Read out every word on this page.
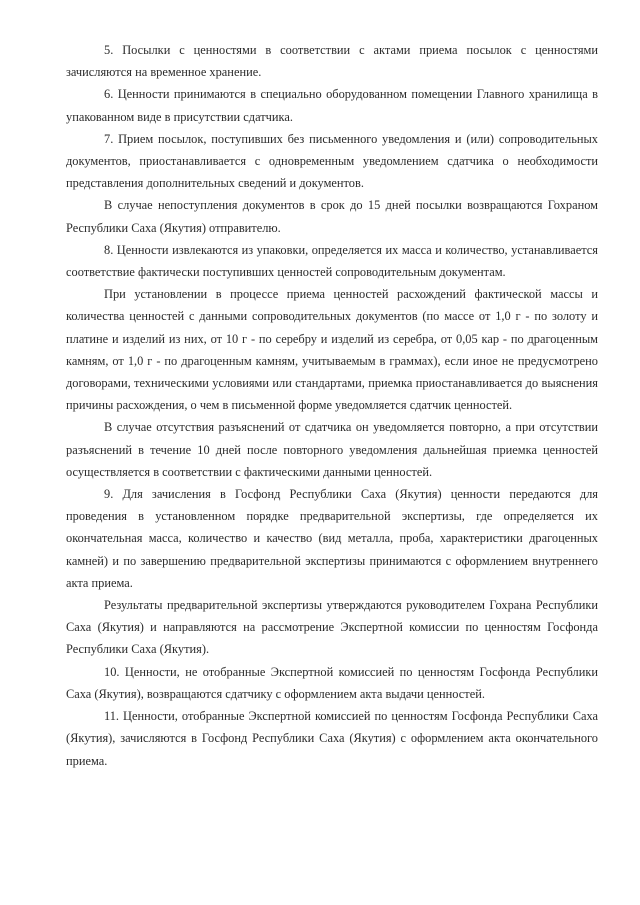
5. Посылки с ценностями в соответствии с актами приема посылок с ценностями зачисляются на временное хранение.

6. Ценности принимаются в специально оборудованном помещении Главного хранилища в упакованном виде в присутствии сдатчика.

7. Прием посылок, поступивших без письменного уведомления и (или) сопроводительных документов, приостанавливается с одновременным уведомлением сдатчика о необходимости представления дополнительных сведений и документов.

В случае непоступления документов в срок до 15 дней посылки возвращаются Гохраном Республики Саха (Якутия) отправителю.

8. Ценности извлекаются из упаковки, определяется их масса и количество, устанавливается соответствие фактически поступивших ценностей сопроводительным документам.

При установлении в процессе приема ценностей расхождений фактической массы и количества ценностей с данными сопроводительных документов (по массе от 1,0 г - по золоту и платине и изделий из них, от 10 г - по серебру и изделий из серебра, от 0,05 кар - по драгоценным камням, от 1,0 г - по драгоценным камням, учитываемым в граммах), если иное не предусмотрено договорами, техническими условиями или стандартами, приемка приостанавливается до выяснения причины расхождения, о чем в письменной форме уведомляется сдатчик ценностей.

В случае отсутствия разъяснений от сдатчика он уведомляется повторно, а при отсутствии разъяснений в течение 10 дней после повторного уведомления дальнейшая приемка ценностей осуществляется в соответствии с фактическими данными ценностей.

9. Для зачисления в Госфонд Республики Саха (Якутия) ценности передаются для проведения в установленном порядке предварительной экспертизы, где определяется их окончательная масса, количество и качество (вид металла, проба, характеристики драгоценных камней) и по завершению предварительной экспертизы принимаются с оформлением внутреннего акта приема.

Результаты предварительной экспертизы утверждаются руководителем Гохрана Республики Саха (Якутия) и направляются на рассмотрение Экспертной комиссии по ценностям Госфонда Республики Саха (Якутия).

10. Ценности, не отобранные Экспертной комиссией по ценностям Госфонда Республики Саха (Якутия), возвращаются сдатчику с оформлением акта выдачи ценностей.

11. Ценности, отобранные Экспертной комиссией по ценностям Госфонда Республики Саха (Якутия), зачисляются в Госфонд Республики Саха (Якутия) с оформлением акта окончательного приема.
